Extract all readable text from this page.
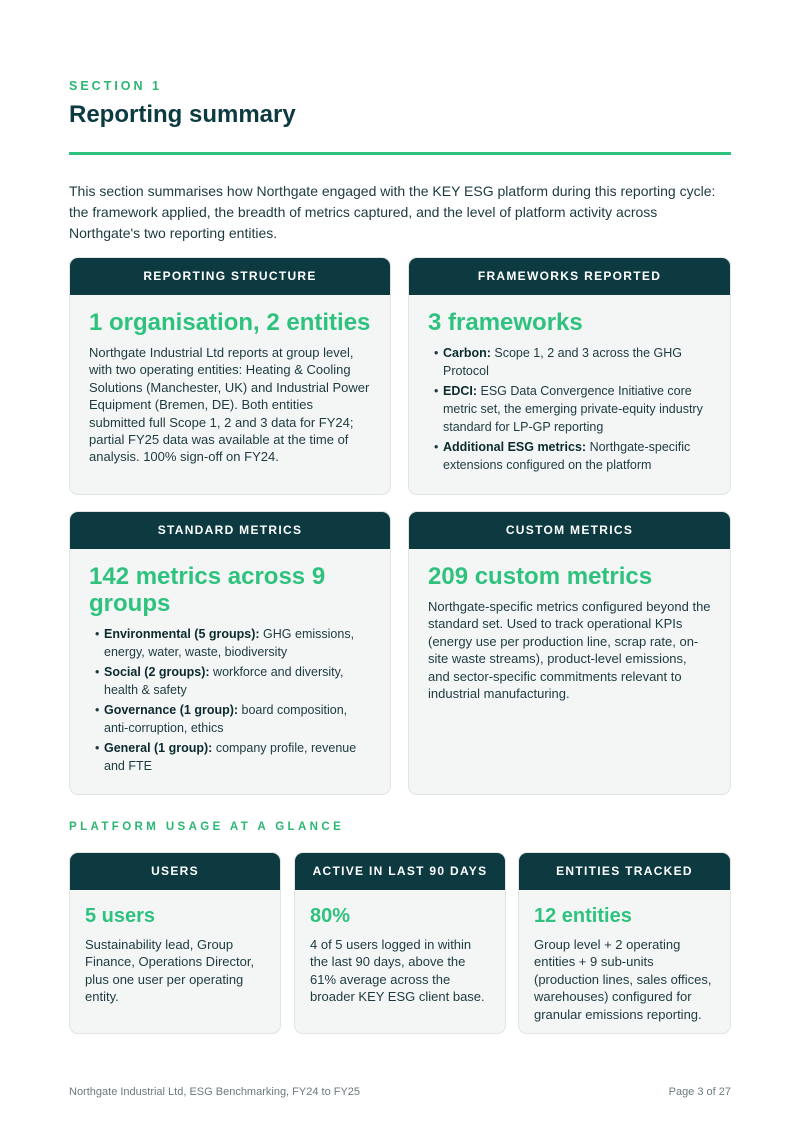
SECTION 1
Reporting summary

This section summarises how Northgate engaged with the KEY ESG platform during this reporting cycle: the framework applied, the breadth of metrics captured, and the level of platform activity across Northgate's two reporting entities.

REPORTING STRUCTURE
1 organisation, 2 entities

Northgate Industrial Ltd reports at group level, with two operating entities: Heating & Cooling Solutions (Manchester, UK) and Industrial Power Equipment (Bremen, DE). Both entities submitted full Scope 1, 2 and 3 data for FY24; partial FY25 data was available at the time of analysis. 100% sign-off on FY24.

FRAMEWORKS REPORTED
3 frameworks
• Carbon: Scope 1, 2 and 3 across the GHG Protocol
• EDCI: ESG Data Convergence Initiative core metric set, the emerging private-equity industry standard for LP-GP reporting
• Additional ESG metrics: Northgate-specific extensions configured on the platform
STANDARD METRICS
142 metrics across 9 groups
• Environmental (5 groups): GHG emissions, energy, water, waste, biodiversity
• Social (2 groups): workforce and diversity, health & safety
• Governance (1 group): board composition, anti-corruption, ethics
• General (1 group): company profile, revenue and FTE
CUSTOM METRICS
209 custom metrics

Northgate-specific metrics configured beyond the standard set. Used to track operational KPIs (energy use per production line, scrap rate, on-site waste streams), product-level emissions, and sector-specific commitments relevant to industrial manufacturing.

PLATFORM USAGE AT A GLANCE
USERS
5 users

Sustainability lead, Group Finance, Operations Director, plus one user per operating entity.

ACTIVE IN LAST 90 DAYS
80%

4 of 5 users logged in within the last 90 days, above the 61% average across the broader KEY ESG client base.

ENTITIES TRACKED
12 entities

Group level + 2 operating entities + 9 sub-units (production lines, sales offices, warehouses) configured for granular emissions reporting.

Northgate Industrial Ltd, ESG Benchmarking, FY24 to FY25	Page 3 of 27
